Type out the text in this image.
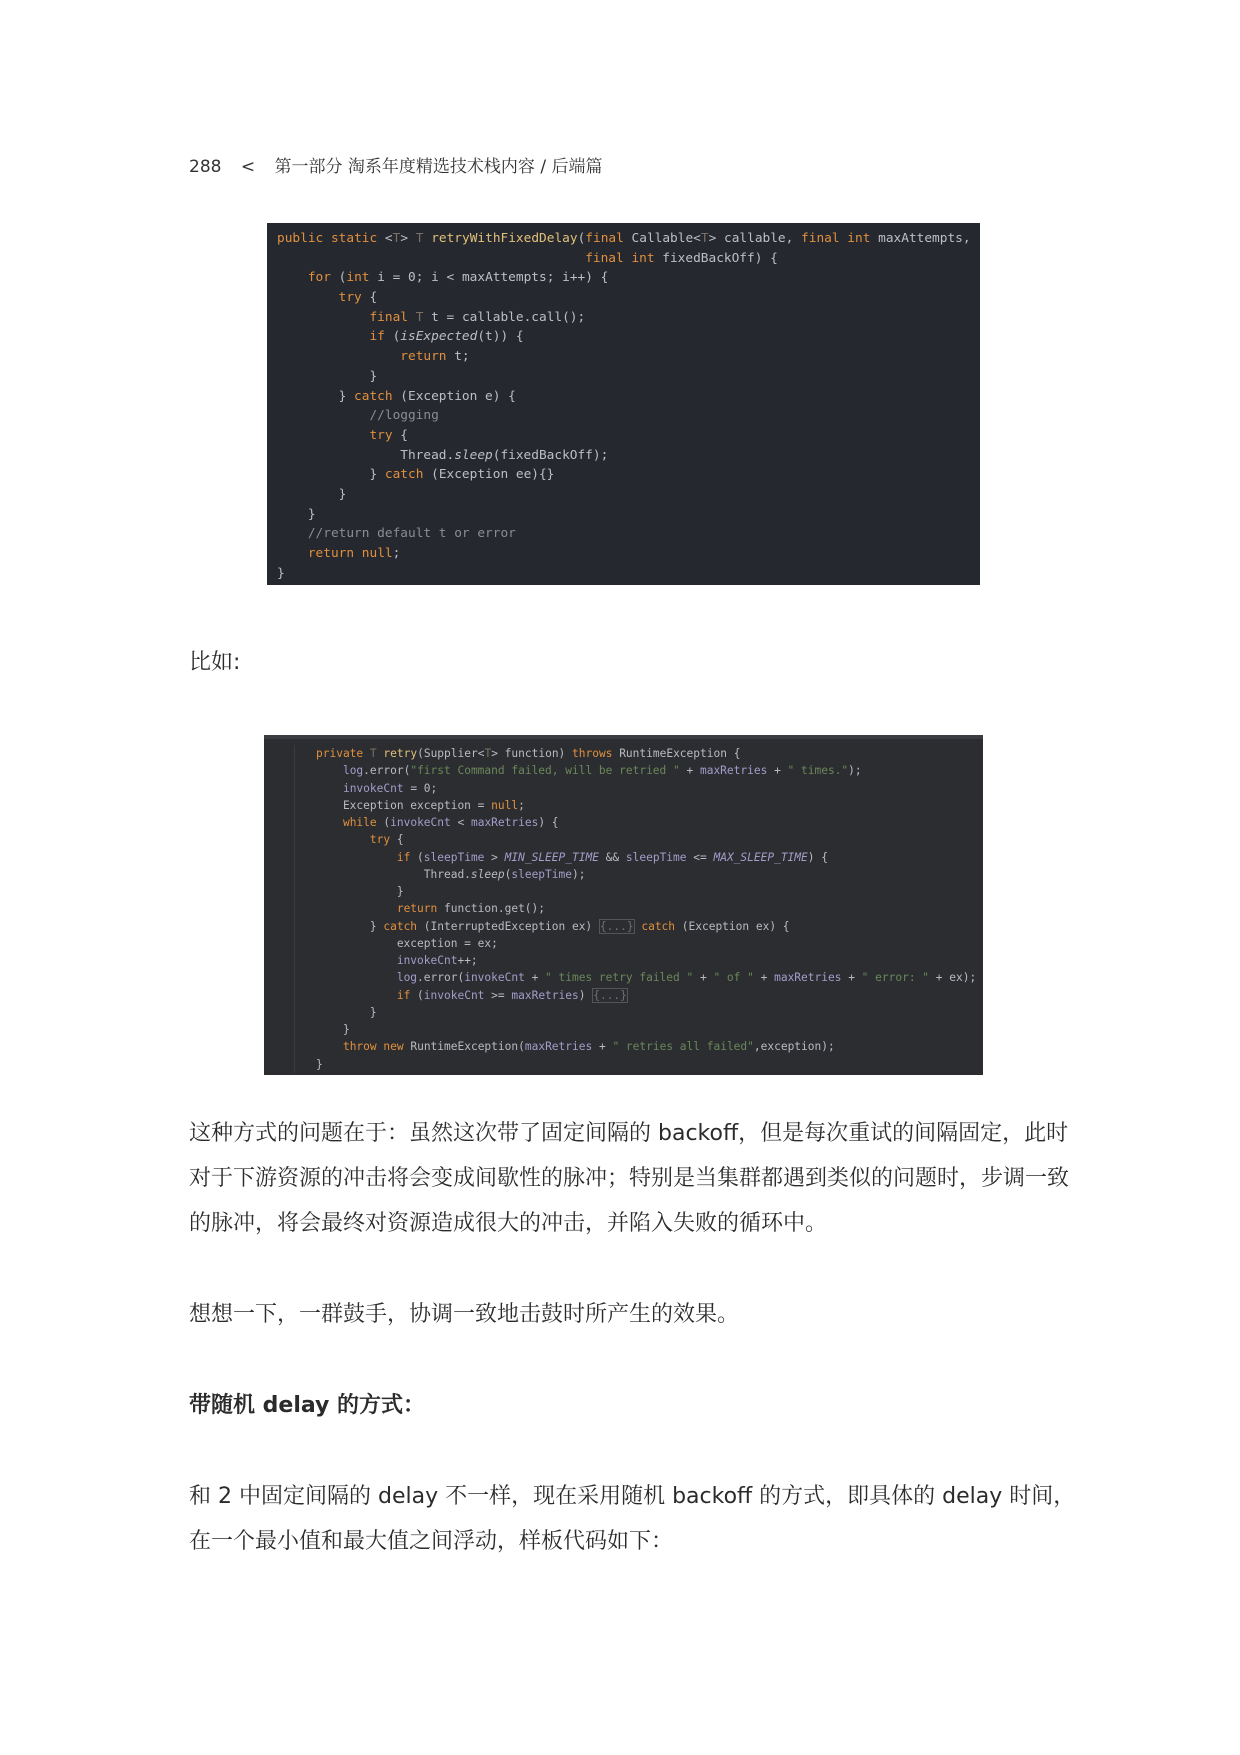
288 < 第一部分 淘系年度精选技术栈内容 / 后端篇
public static <T> T retryWithFixedDelay(final Callable<T> callable, final int maxAttempts,
final int fixedBackOff) {
for (int i = 0; i < maxAttempts; i++) {
try {
final T t = callable.call();
if (isExpected(t)) {
return t;
}
} catch (Exception e) {
//logging
try {
Thread.sleep(fixedBackOff);
} catch (Exception ee){}
}
}
//return default t or error
return null;
}
比如:
private T retry(Supplier<T> function) throws RuntimeException {
log.error("first Command failed, will be retried " + maxRetries + " times.");
invokeCnt = 0;
Exception exception = null;
while (invokeCnt < maxRetries) {
try {
if (sleepTime > MIN_SLEEP_TIME && sleepTime <= MAX_SLEEP_TIME) {
Thread.sleep(sleepTime);
}
return function.get();
} catch (InterruptedException ex) {...} catch (Exception ex) {
exception = ex;
invokeCnt++;
log.error(invokeCnt + " times retry failed " + " of " + maxRetries + " error: " + ex);
if (invokeCnt >= maxRetries) {...}
}
}
throw new RuntimeException(maxRetries + " retries all failed",exception);
}
这种方式的问题在于：虽然这次带了固定间隔的 backoff，但是每次重试的间隔固定，此时
对于下游资源的冲击将会变成间歇性的脉冲；特别是当集群都遇到类似的问题时，步调一致
的脉冲，将会最终对资源造成很大的冲击，并陷入失败的循环中。
想想一下，一群鼓手，协调一致地击鼓时所产生的效果。
带随机 delay 的方式：
和 2 中固定间隔的 delay 不一样，现在采用随机 backoff 的方式，即具体的 delay 时间，
在一个最小值和最大值之间浮动，样板代码如下：
